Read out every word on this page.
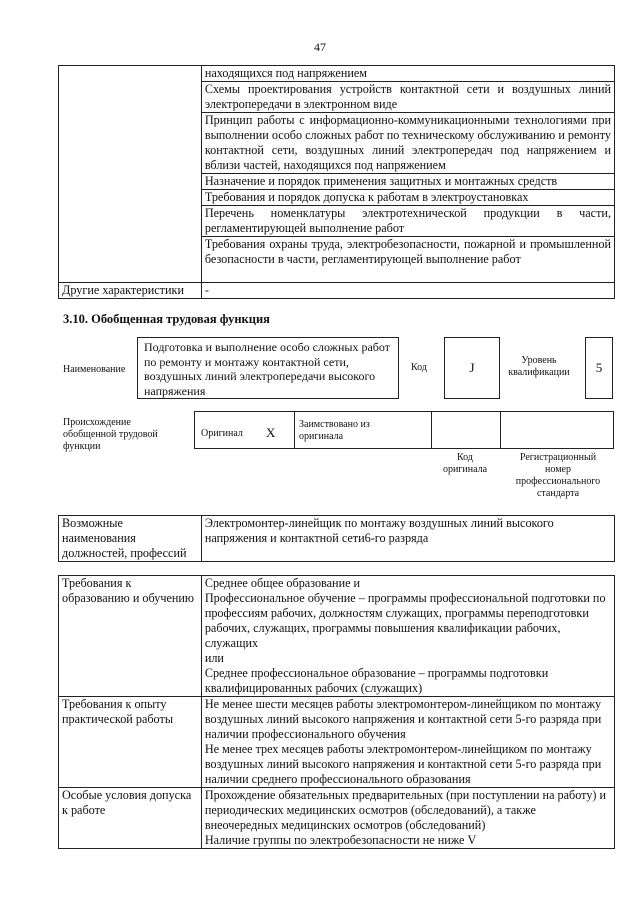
47
	находящихся под напряжением
	Схемы проектирования устройств контактной сети и воздушных линий электропередачи в электронном виде
	Принцип работы с информационно-коммуникационными технологиями при выполнении особо сложных работ по техническому обслуживанию и ремонту контактной сети, воздушных линий электропередач под напряжением и вблизи частей, находящихся под напряжением
	Назначение и порядок применения защитных и монтажных средств
	Требования и порядок допуска к работам в электроустановках
	Перечень номенклатуры электротехнической продукции в части, регламентирующей выполнение работ
	Требования охраны труда, электробезопасности, пожарной и промышленной безопасности в части, регламентирующей выполнение работ
Другие характеристики	-
3.10. Обобщенная трудовая функция
Наименование
Подготовка и выполнение особо сложных работ по ремонту и монтажу контактной сети, воздушных линий электропередачи высокого напряжения
Код	J	Уровень квалификации 5
Происхождение обобщенной трудовой функции
Оригинал X
Заимствовано из оригинала
Код оригинала
Регистрационный номер профессионального стандарта
Возможные наименования должностей, профессий	Электромонтер-линейщик по монтажу воздушных линий высокого напряжения и контактной сети6-го разряда
Требования к образованию и обучению	Среднее общее образование и
Профессиональное обучение – программы профессиональной подготовки по профессиям рабочих, должностям служащих, программы переподготовки рабочих, служащих, программы повышения квалификации рабочих, служащих
или
Среднее профессиональное образование – программы подготовки квалифицированных рабочих (служащих)

Требования к опыту практической работы	Не менее шести месяцев работы электромонтером-линейщиком по монтажу воздушных линий высокого напряжения и контактной сети 5-го разряда при наличии профессионального обучения
Не менее трех месяцев работы электромонтером-линейщиком по монтажу воздушных линий высокого напряжения и контактной сети 5-го разряда при наличии среднего профессионального образования

Особые условия допуска к работе	Прохождение обязательных предварительных (при поступлении на работу) и периодических медицинских осмотров (обследований), а также внеочередных медицинских осмотров (обследований)
Наличие группы по электробезопасности не ниже V
